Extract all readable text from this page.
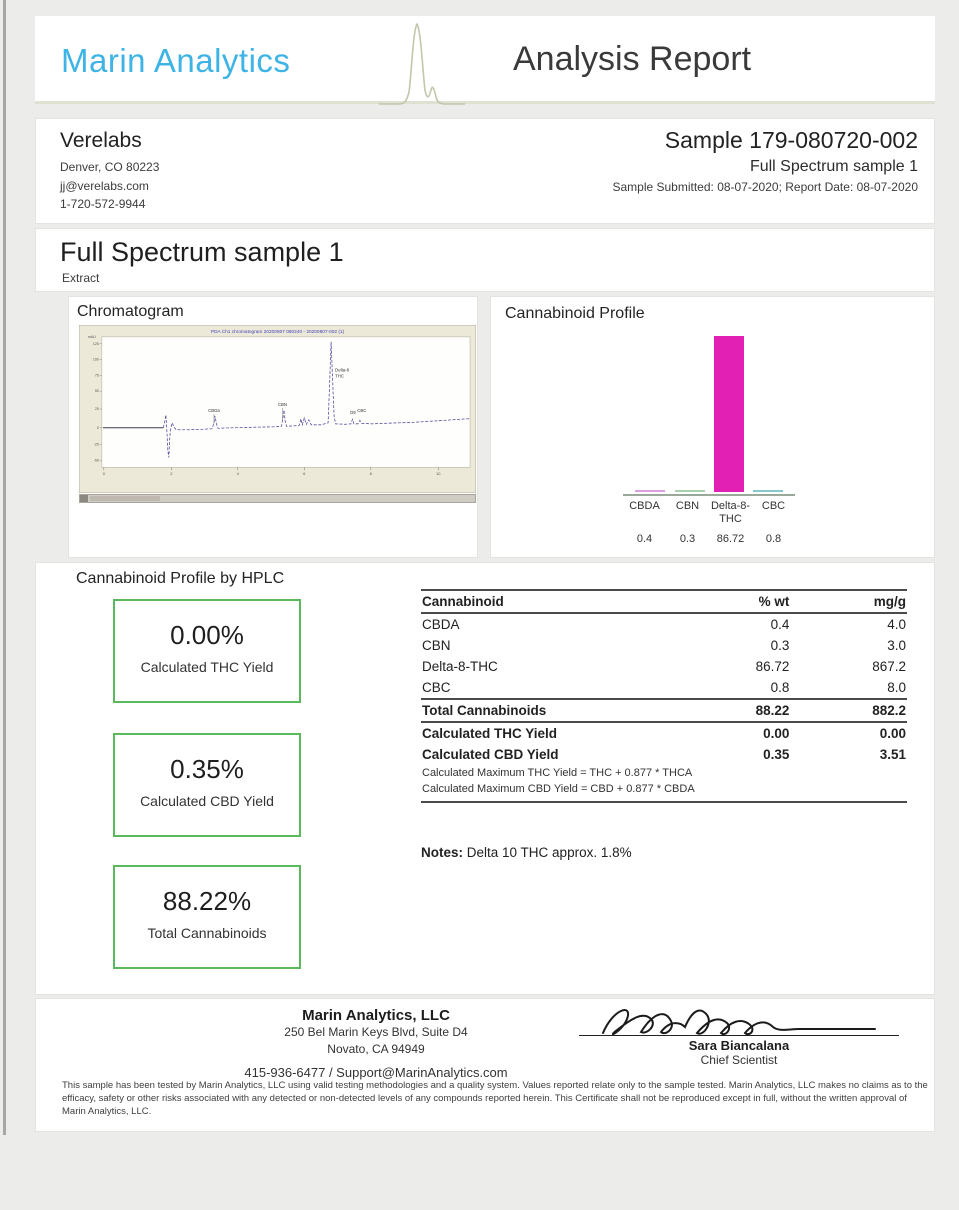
Marin Analytics	Analysis Report
Verelabs
Denver, CO 80223
jj@verelabs.com
1-720-572-9944
Sample 179-080720-002
Full Spectrum sample 1
Sample Submitted: 08-07-2020; Report Date: 08-07-2020
Full Spectrum sample 1
Extract
Chromatogram
PDA Ch1 chromatogram 20200807 080240 - 20200807-002 (1)
mAU
125
100
75
50
25
0
-25
-50
0	2	4	6	8	10
CBDa
CBN
D9 CBC
Delta-8
THC
Cannabinoid Profile
CBDA	CBN	Delta-8-THC
CBC
0.4	0.3	86.72	0.8
Cannabinoid Profile by HPLC
0.00%
Calculated THC Yield
0.35%
Calculated CBD Yield
88.22%
Total Cannabinoids
Cannabinoid	% wt	mg/g
CBDA	0.4	4.0
CBN	0.3	3.0
Delta-8-THC	86.72	867.2
CBC	0.8	8.0
Total Cannabinoids	88.22	882.2
Calculated THC Yield	0.00	0.00
Calculated CBD Yield	0.35	3.51
Calculated Maximum THC Yield = THC + 0.877 * THCA		
Calculated Maximum CBD Yield = CBD + 0.877 * CBDA		
Notes: Delta 10 THC approx. 1.8%
Marin Analytics, LLC
250 Bel Marin Keys Blvd, Suite D4
Novato, CA 94949
415-936-6477 / Support@MarinAnalytics.com
Sara Biancalana
Chief Scientist
This sample has been tested by Marin Analytics, LLC using valid testing methodologies and a quality system. Values reported relate only to the sample tested. Marin Analytics, LLC makes no claims as to the efficacy, safety or other risks associated with any detected or non-detected levels of any compounds reported herein. This Certificate shall not be reproduced except in full, without the written approval of Marin Analytics, LLC.
